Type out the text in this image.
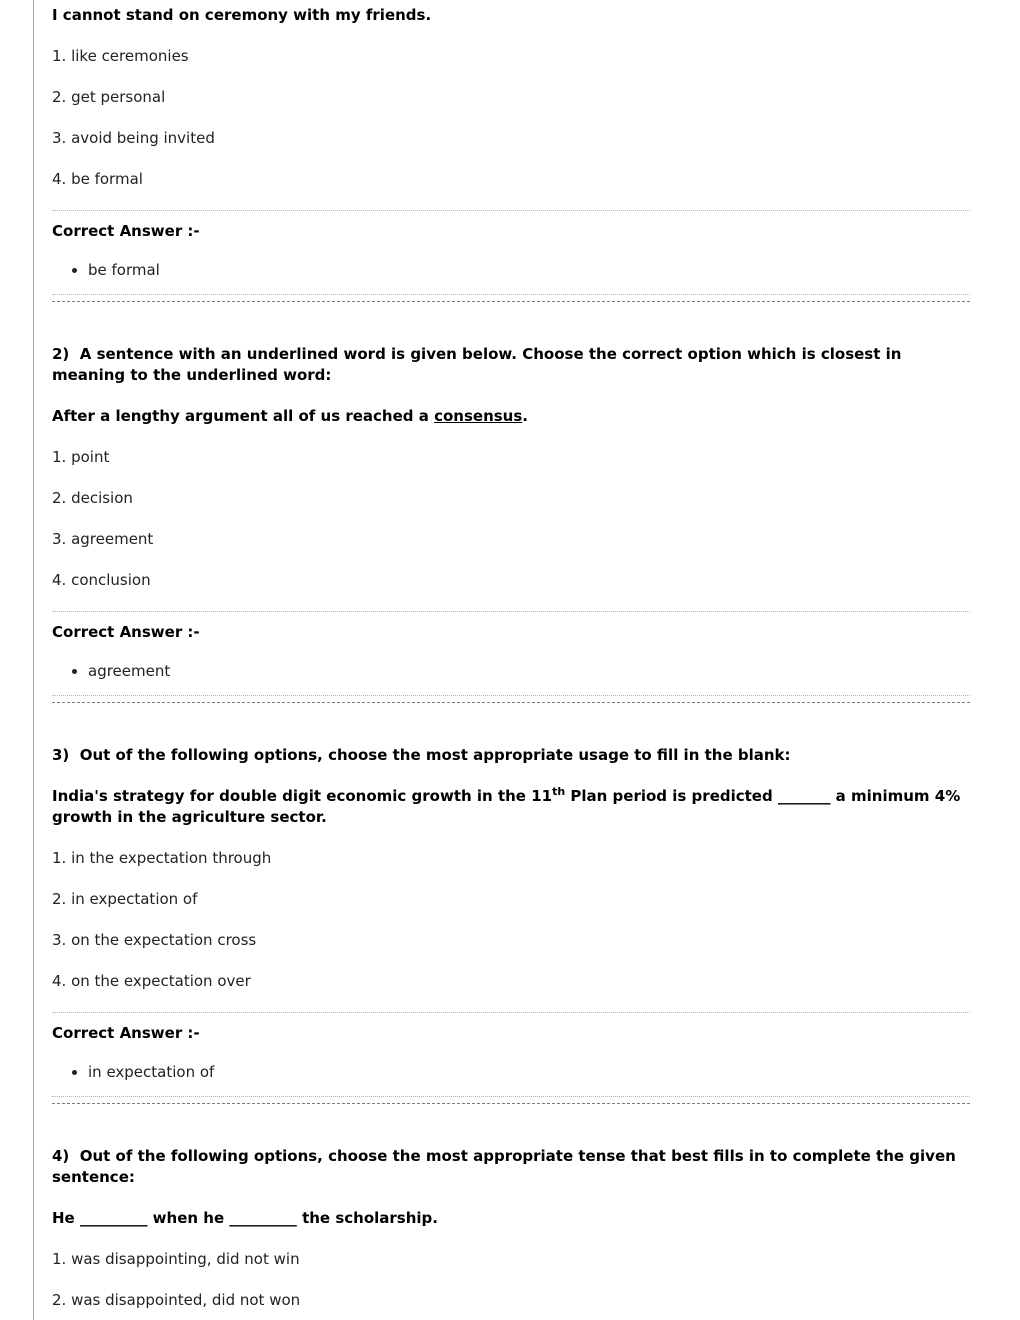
I cannot stand on ceremony with my friends.

1. like ceremonies

2. get personal

3. avoid being invited

4. be formal

Correct Answer :-

• be formal

2)  A sentence with an underlined word is given below. Choose the correct option which is closest in meaning to the underlined word:

After a lengthy argument all of us reached a consensus.

1. point

2. decision

3. agreement

4. conclusion

Correct Answer :-

• agreement

3)  Out of the following options, choose the most appropriate usage to fill in the blank:

India's strategy for double digit economic growth in the 11th Plan period is predicted _______ a minimum 4% growth in the agriculture sector.

1. in the expectation through

2. in expectation of

3. on the expectation cross

4. on the expectation over

Correct Answer :-

• in expectation of

4)  Out of the following options, choose the most appropriate tense that best fills in to complete the given sentence:

He _________ when he _________ the scholarship.

1. was disappointing, did not win

2. was disappointed, did not won
